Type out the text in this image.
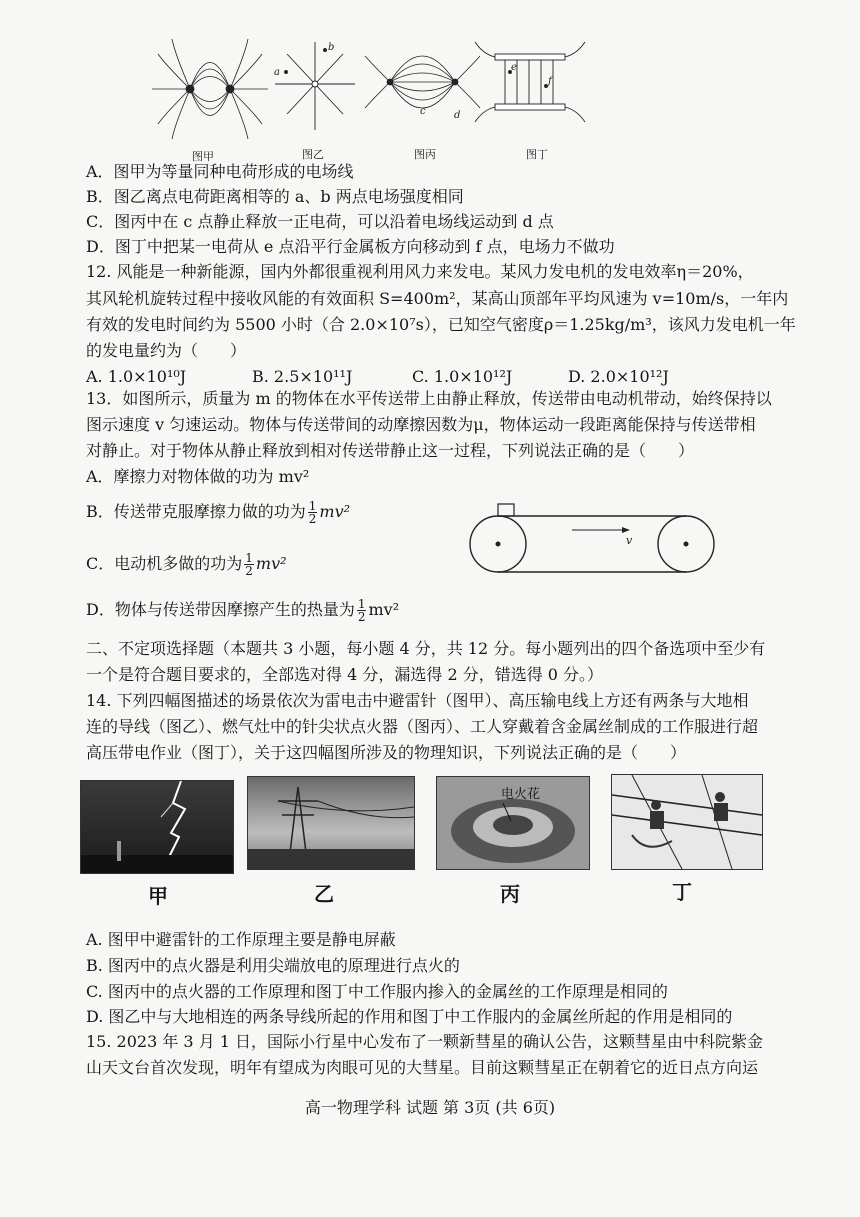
a
b
c	d
e
f
图甲	图乙	图丙	图丁
A．图甲为等量同种电荷形成的电场线
B．图乙离点电荷距离相等的 a、b 两点电场强度相同
C．图丙中在 c 点静止释放一正电荷，可以沿着电场线运动到 d 点
D．图丁中把某一电荷从 e 点沿平行金属板方向移动到 f 点，电场力不做功
12. 风能是一种新能源，国内外都很重视利用风力来发电。某风力发电机的发电效率η＝20%，
其风轮机旋转过程中接收风能的有效面积 S=400m²，某高山顶部年平均风速为 v=10m/s，一年内
有效的发电时间约为 5500 小时（合 2.0×10⁷s），已知空气密度ρ＝1.25kg/m³，该风力发电机一年
的发电量约为（　　）
A. 1.0×10¹⁰J	B. 2.5×10¹¹J	C. 1.0×10¹²J	D. 2.0×10¹²J
13．如图所示，质量为 m 的物体在水平传送带上由静止释放，传送带由电动机带动，始终保持以
图示速度 v 匀速运动。物体与传送带间的动摩擦因数为μ，物体运动一段距离能保持与传送带相
对静止。对于物体从静止释放到相对传送带静止这一过程，下列说法正确的是（　　）
A．摩擦力对物体做的功为 mv²
B．传送带克服摩擦力做的功为 $\frac{1}{2} mv^2$
C．电动机多做的功为 $\frac{1}{2} mv^2$
D．物体与传送带因摩擦产生的热量为 $\frac{1}{2} mv^2$
v
二、不定项选择题（本题共 3 小题，每小题 4 分，共 12 分。每小题列出的四个备选项中至少有
一个是符合题目要求的，全部选对得 4 分，漏选得 2 分，错选得 0 分。）
14. 下列四幅图描述的场景依次为雷电击中避雷针（图甲）、高压输电线上方还有两条与大地相
连的导线（图乙）、燃气灶中的针尖状点火器（图丙）、工人穿戴着含金属丝制成的工作服进行超
高压带电作业（图丁），关于这四幅图所涉及的物理知识，下列说法正确的是（　　）
电火花
甲	乙	丙	丁
A. 图甲中避雷针的工作原理主要是静电屏蔽
B. 图丙中的点火器是利用尖端放电的原理进行点火的
C. 图丙中的点火器的工作原理和图丁中工作服内掺入的金属丝的工作原理是相同的
D. 图乙中与大地相连的两条导线所起的作用和图丁中工作服内的金属丝所起的作用是相同的
15. 2023 年 3 月 1 日，国际小行星中心发布了一颗新彗星的确认公告，这颗彗星由中科院紫金
山天文台首次发现，明年有望成为肉眼可见的大彗星。目前这颗彗星正在朝着它的近日点方向运
高一物理学科 试题 第 3页 (共 6页)
